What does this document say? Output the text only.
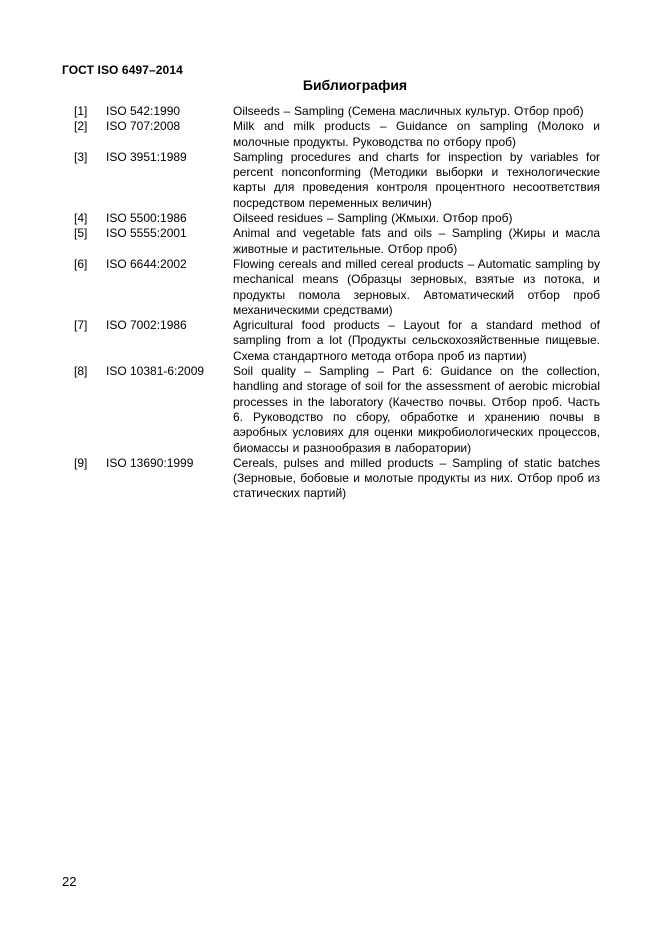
ГОСТ ISO 6497–2014
Библиография
[1]	ISO 542:1990	Oilseeds – Sampling (Семена масличных культур. Отбор проб)
[2]	ISO 707:2008	Milk and milk products – Guidance on sampling (Молоко и молочные продукты. Руководства по отбору проб)
[3]	ISO 3951:1989	Sampling procedures and charts for inspection by variables for percent nonconforming (Методики выборки и технологические карты для проведения контроля процентного несоответствия посредством переменных величин)
[4]	ISO 5500:1986	Oilseed residues – Sampling (Жмыхи. Отбор проб)
[5]	ISO 5555:2001	Animal and vegetable fats and oils – Sampling (Жиры и масла животные и растительные. Отбор проб)
[6]	ISO 6644:2002	Flowing cereals and milled cereal products – Automatic sampling by mechanical means (Образцы зерновых, взятые из потока, и продукты помола зерновых. Автоматический отбор проб механическими средствами)
[7]	ISO 7002:1986	Agricultural food products – Layout for a standard method of sampling from a lot (Продукты сельскохозяйственные пищевые. Схема стандартного метода отбора проб из партии)
[8]	ISO 10381-6:2009	Soil quality – Sampling – Part 6: Guidance on the collection, handling and storage of soil for the assessment of aerobic microbial processes in the laboratory (Качество почвы. Отбор проб. Часть 6. Руководство по сбору, обработке и хранению почвы в аэробных условиях для оценки микробиологических процессов, биомассы и разнообразия в лаборатории)
[9]	ISO 13690:1999	Cereals, pulses and milled products – Sampling of static batches (Зерновые, бобовые и молотые продукты из них. Отбор проб из статических партий)
22
